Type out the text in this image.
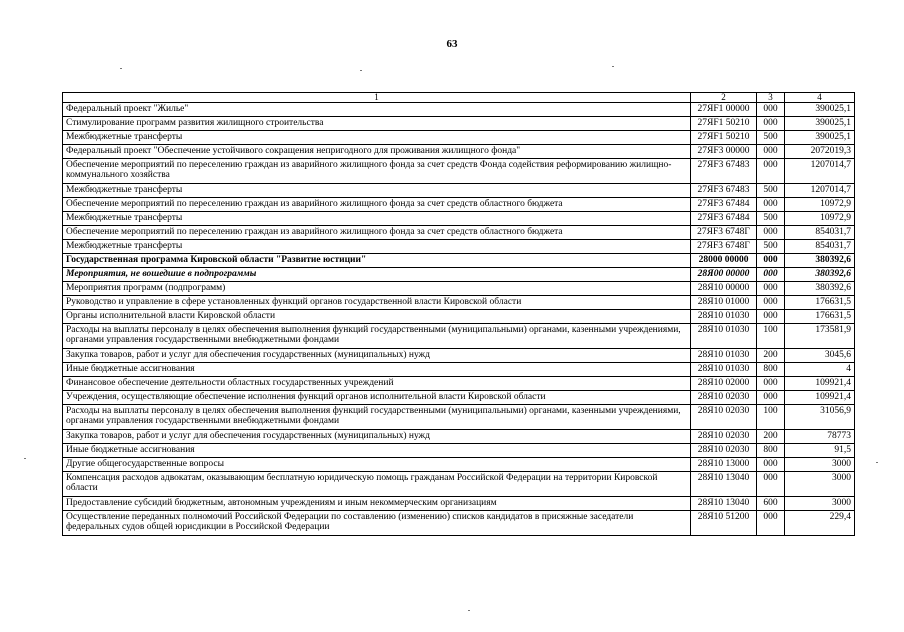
63
1	2	3	4
Федеральный проект "Жилье"	27ЯF1 00000	000	390025,1
Стимулирование программ развития жилищного строительства	27ЯF1 50210	000	390025,1
Межбюджетные трансферты	27ЯF1 50210	500	390025,1
Федеральный проект "Обеспечение устойчивого сокращения непригодного для проживания жилищного фонда"	27ЯF3 00000	000	2072019,3
Обеспечение мероприятий по переселению граждан из аварийного жилищного фонда за счет средств Фонда содействия реформированию жилищно-коммунального хозяйства	27ЯF3 67483	000	1207014,7
Межбюджетные трансферты	27ЯF3 67483	500	1207014,7
Обеспечение мероприятий по переселению граждан из аварийного жилищного фонда за счет средств областного бюджета	27ЯF3 67484	000	10972,9
Межбюджетные трансферты	27ЯF3 67484	500	10972,9
Обеспечение мероприятий по переселению граждан из аварийного жилищного фонда за счет средств областного бюджета	27ЯF3 6748Г	000	854031,7
Межбюджетные трансферты	27ЯF3 6748Г	500	854031,7
Государственная программа Кировской области "Развитие юстиции"	28000 00000	000	380392,6
Мероприятия, не вошедшие в подпрограммы	28Я00 00000	000	380392,6
Мероприятия программ (подпрограмм)	28Я10 00000	000	380392,6
Руководство и управление в сфере установленных функций органов государственной власти Кировской области	28Я10 01000	000	176631,5
Органы исполнительной власти Кировской области	28Я10 01030	000	176631,5
Расходы на выплаты персоналу в целях обеспечения выполнения функций государственными (муниципальными) органами, казенными учреждениями, органами управления государственными внебюджетными фондами	28Я10 01030	100	173581,9
Закупка товаров, работ и услуг для обеспечения государственных (муниципальных) нужд	28Я10 01030	200	3045,6
Иные бюджетные ассигнования	28Я10 01030	800	4
Финансовое обеспечение деятельности областных государственных учреждений	28Я10 02000	000	109921,4
Учреждения, осуществляющие обеспечение исполнения функций органов исполнительной власти Кировской области	28Я10 02030	000	109921,4
Расходы на выплаты персоналу в целях обеспечения выполнения функций государственными (муниципальными) органами, казенными учреждениями, органами управления государственными внебюджетными фондами	28Я10 02030	100	31056,9
Закупка товаров, работ и услуг для обеспечения государственных (муниципальных) нужд	28Я10 02030	200	78773
Иные бюджетные ассигнования	28Я10 02030	800	91,5
Другие общегосударственные вопросы	28Я10 13000	000	3000
Компенсация расходов адвокатам, оказывающим бесплатную юридическую помощь гражданам Российской Федерации на территории Кировской области	28Я10 13040	000	3000
Предоставление субсидий бюджетным, автономным учреждениям и иным некоммерческим организациям	28Я10 13040	600	3000
Осуществление переданных полномочий Российской Федерации по составлению (изменению) списков кандидатов в присяжные заседатели федеральных судов общей юрисдикции в Российской Федерации	28Я10 51200	000	229,4
